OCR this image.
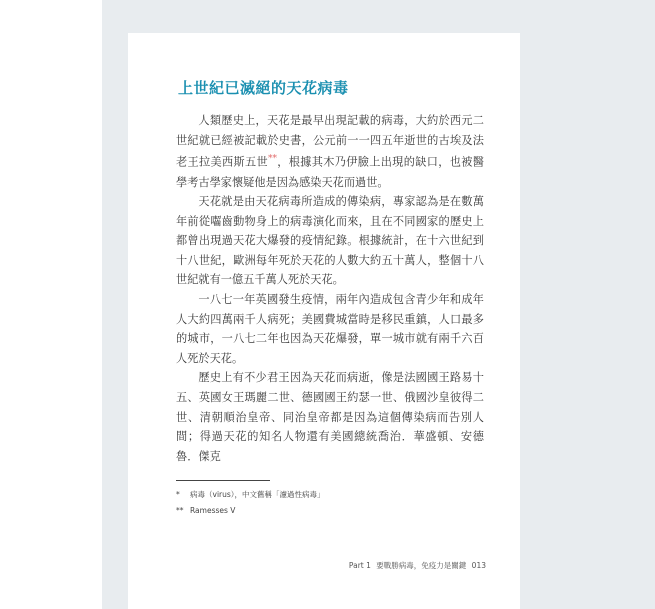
上世紀已滅絕的天花病毒

人類歷史上，天花是最早出現記載的病毒，大約於西元二世紀就已經被記載於史書，公元前一一四五年逝世的古埃及法老王拉美西斯五世**，根據其木乃伊臉上出現的缺口，也被醫學考古學家懷疑他是因為感染天花而過世。

天花就是由天花病毒所造成的傳染病，專家認為是在數萬年前從囓齒動物身上的病毒演化而來，且在不同國家的歷史上都曾出現過天花大爆發的疫情紀錄。根據統計，在十六世紀到十八世紀，歐洲每年死於天花的人數大約五十萬人，整個十八世紀就有一億五千萬人死於天花。

一八七一年英國發生疫情，兩年內造成包含青少年和成年人大約四萬兩千人病死；美國費城當時是移民重鎮，人口最多的城市，一八七二年也因為天花爆發，單一城市就有兩千六百人死於天花。

歷史上有不少君王因為天花而病逝，像是法國國王路易十五、英國女王瑪麗二世、德國國王約瑟一世、俄國沙皇彼得二世、清朝順治皇帝、同治皇帝都是因為這個傳染病而告別人間；得過天花的知名人物還有美國總統喬治．華盛頓、安德魯．傑克

* 病毒（virus），中文舊稱「濾過性病毒」
** Ramesses V
Part 1 要戰勝病毒，免疫力是關鍵 013
